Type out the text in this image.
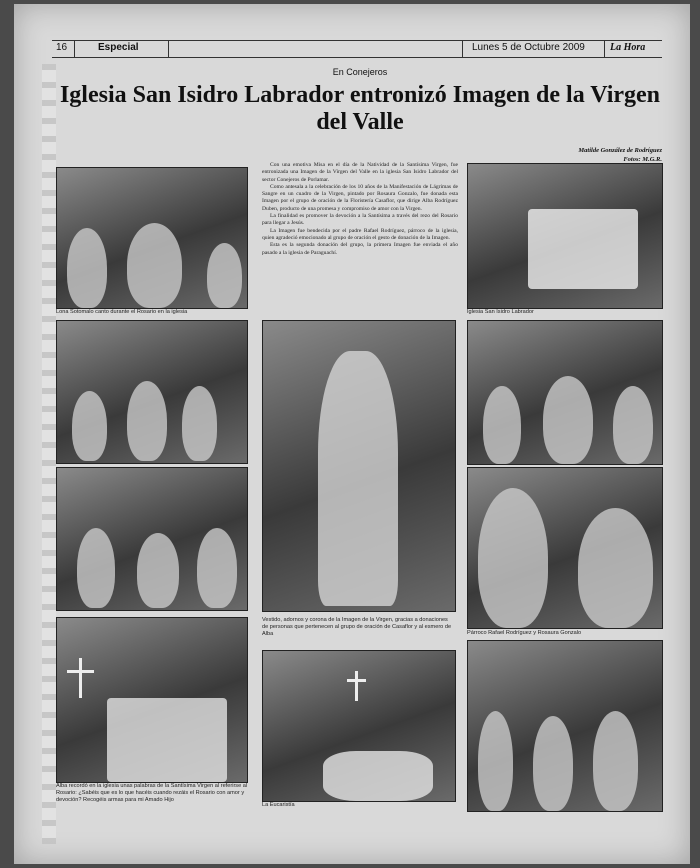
16	Especial	Lunes 5 de Octubre 2009	La Hora
En Conejeros
Iglesia San Isidro Labrador entronizó Imagen de la Virgen del Valle
Matilde González de Rodríguez
Fotos: M.G.R.
Lona Sotomalo canto durante el Rosario en la iglesia
Alba recordó en la iglesia unas palabras de la Santísima Virgen al referirse al Rosario: ¿Sabéis que es lo que hacéis cuando rezáis el Rosario con amor y devoción? Recogéis armas para mi Amado Hijo

Con una emotiva Misa en el día de la Natividad de la Santísima Virgen, fue entronizada una Imagen de la Virgen del Valle en la iglesia San Isidro Labrador del sector Conejeros de Porlamar.

Como antesala a la celebración de los 10 años de la Manifestación de Lágrimas de Sangre en un cuadro de la Virgen, pintado por Rosaura Gonzalo, fue donada esta Imagen por el grupo de oración de la Floristería Casaflor, que dirige Alba Rodríguez Duben, producto de una promesa y compromiso de amor con la Virgen.

La finalidad es promover la devoción a la Santísima a través del rezo del Rosario para llegar a Jesús.

La Imagen fue bendecida por el padre Rafael Rodríguez, párroco de la iglesia, quien agradeció emocionado al grupo de oración el gesto de donación de la Imagen.

Esta es la segunda donación del grupo, la primera Imagen fue enviada el año pasado a la iglesia de Paraguachí.

Vestido, adornos y corona de la Imagen de la Virgen, gracias a donaciones de personas que pertenecen al grupo de oración de Casaflor y al esmero de Alba
La Eucaristía
Iglesia San Isidro Labrador
Párroco Rafael Rodríguez y Rosaura Gonzalo
